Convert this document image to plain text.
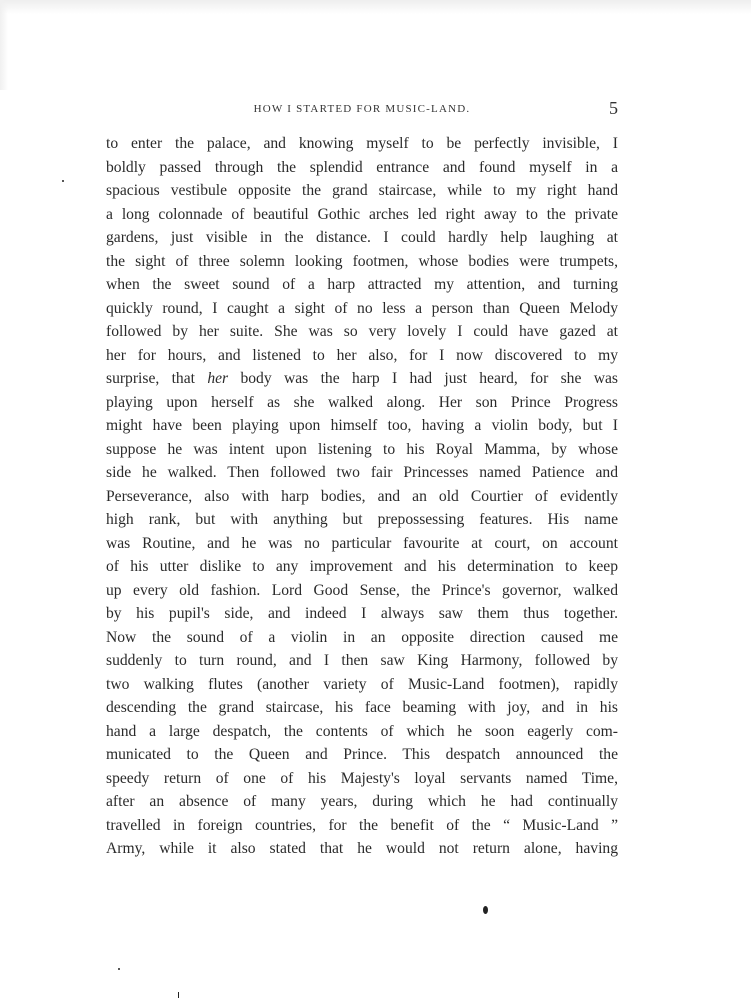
HOW I STARTED FOR MUSIC-LAND.	5
to enter the palace, and knowing myself to be perfectly invisible, I
boldly passed through the splendid entrance and found myself in a
spacious vestibule opposite the grand staircase, while to my right hand
a long colonnade of beautiful Gothic arches led right away to the private
gardens, just visible in the distance. I could hardly help laughing at
the sight of three solemn looking footmen, whose bodies were trumpets,
when the sweet sound of a harp attracted my attention, and turning
quickly round, I caught a sight of no less a person than Queen Melody
followed by her suite. She was so very lovely I could have gazed at
her for hours, and listened to her also, for I now discovered to my
surprise, that her body was the harp I had just heard, for she was
playing upon herself as she walked along. Her son Prince Progress
might have been playing upon himself too, having a violin body, but I
suppose he was intent upon listening to his Royal Mamma, by whose
side he walked. Then followed two fair Princesses named Patience and
Perseverance, also with harp bodies, and an old Courtier of evidently
high rank, but with anything but prepossessing features. His name
was Routine, and he was no particular favourite at court, on account
of his utter dislike to any improvement and his determination to keep
up every old fashion. Lord Good Sense, the Prince's governor, walked
by his pupil's side, and indeed I always saw them thus together.
Now the sound of a violin in an opposite direction caused me
suddenly to turn round, and I then saw King Harmony, followed by
two walking flutes (another variety of Music-Land footmen), rapidly
descending the grand staircase, his face beaming with joy, and in his
hand a large despatch, the contents of which he soon eagerly com-
municated to the Queen and Prince. This despatch announced the
speedy return of one of his Majesty's loyal servants named Time,
after an absence of many years, during which he had continually
travelled in foreign countries, for the benefit of the “ Music-Land ”
Army, while it also stated that he would not return alone, having
